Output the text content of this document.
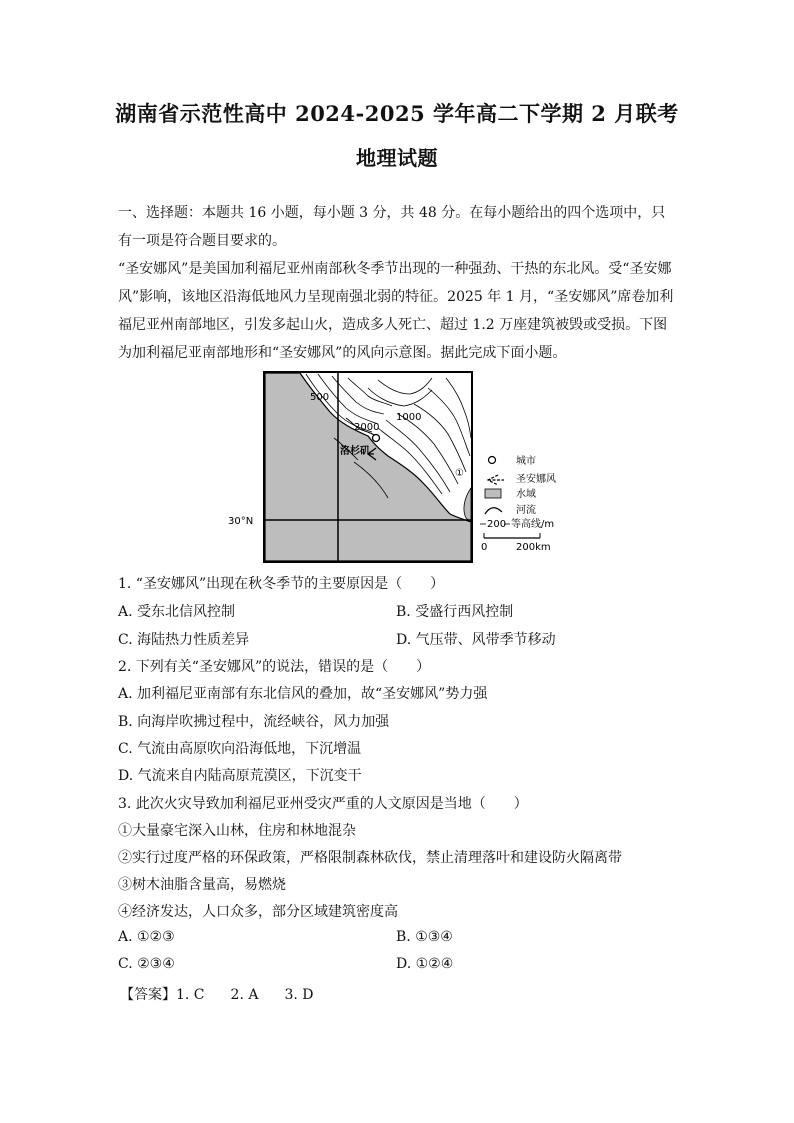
湖南省示范性高中 2024-2025 学年高二下学期 2 月联考
地理试题
一、选择题：本题共 16 小题，每小题 3 分，共 48 分。在每小题给出的四个选项中，只有一项是符合题目要求的。
“圣安娜风”是美国加利福尼亚州南部秋冬季节出现的一种强劲、干热的东北风。受“圣安娜风”影响，该地区沿海低地风力呈现南强北弱的特征。2025 年 1 月，“圣安娜风”席卷加利福尼亚州南部地区，引发多起山火，造成多人死亡、超过 1.2 万座建筑被毁或受损。下图为加利福尼亚南部地形和“圣安娜风”的风向示意图。据此完成下面小题。
500
1000
2000
洛杉矶
①
30°N
城市
圣安娜风
水域
河流
200 等高线/m
0	200km
1. “圣安娜风”出现在秋冬季节的主要原因是（　　）
A. 受东北信风控制	B. 受盛行西风控制
C. 海陆热力性质差异	D. 气压带、风带季节移动
2. 下列有关“圣安娜风”的说法，错误的是（　　）
A. 加利福尼亚南部有东北信风的叠加，故“圣安娜风”势力强
B. 向海岸吹拂过程中，流经峡谷，风力加强
C. 气流由高原吹向沿海低地，下沉增温
D. 气流来自内陆高原荒漠区，下沉变干
3. 此次火灾导致加利福尼亚州受灾严重的人文原因是当地（　　）
①大量豪宅深入山林，住房和林地混杂
②实行过度严格的环保政策，严格限制森林砍伐，禁止清理落叶和建设防火隔离带
③树木油脂含量高，易燃烧
④经济发达，人口众多，部分区域建筑密度高
A. ①②③	B. ①③④
C. ②③④	D. ①②④
【答案】1. C 2. A 3. D
